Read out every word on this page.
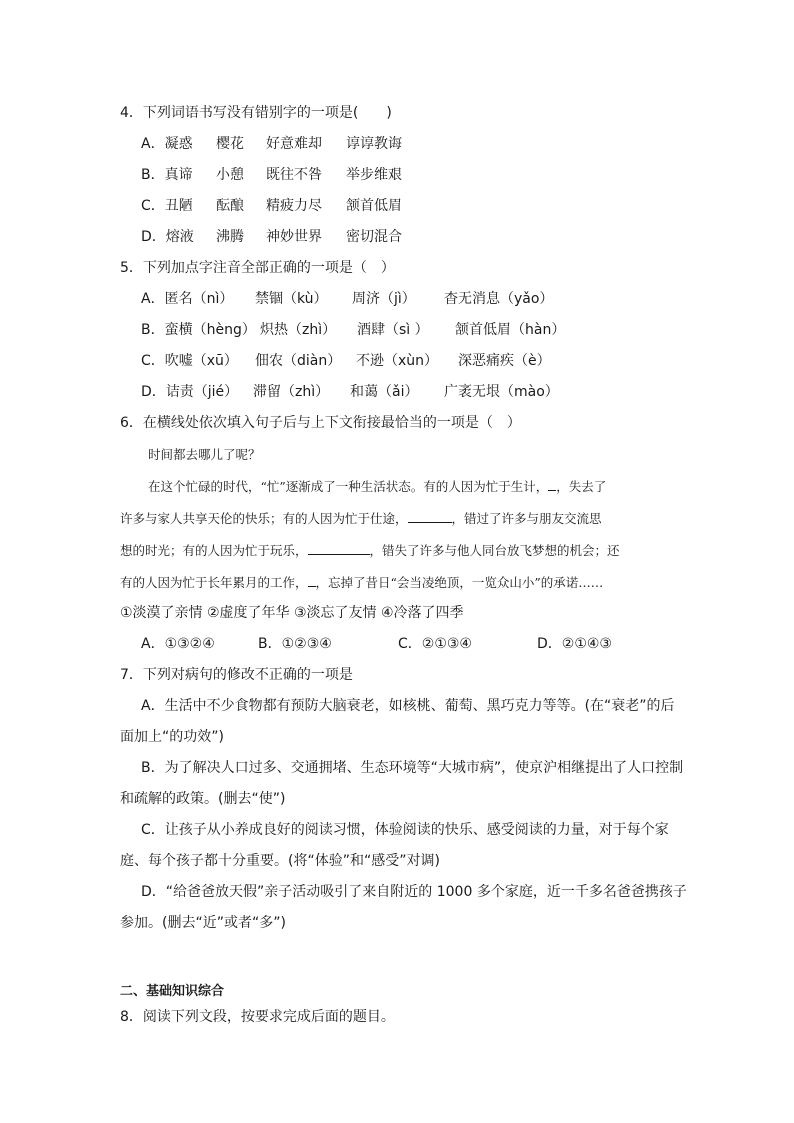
4．下列词语书写没有错别字的一项是(　　)
A．凝惑 樱花 好意难却 谆谆教诲
B．真谛 小憩 既往不咎 举步维艰
C．丑陋 酝酿 精疲力尽 颔首低眉
D．熔液 沸腾 神妙世界 密切混合
5．下列加点字注音全部正确的一项是（　）
A．匿名（nì） 禁锢（kù） 周济（jì） 杳无消息（yǎo）
B．蛮横（hèng） 炽热（zhì） 酒肆（sì ） 颔首低眉（hàn）
C．吹嘘（xū） 佃农（diàn） 不逊（xùn） 深恶痛疾（è）
D．诘责（jié） 滞留（zhì） 和蔼（ǎi） 广袤无垠（mào）
6．在横线处依次填入句子后与上下文衔接最恰当的一项是（　）
时间都去哪儿了呢？
在这个忙碌的时代，“忙”逐渐成了一种生活状态。有的人因为忙于生计， ，失去了
许多与家人共享天伦的快乐；有的人因为忙于仕途，	，错过了许多与朋友交流思
想的时光；有的人因为忙于玩乐，	，错失了许多与他人同台放飞梦想的机会；还
有的人因为忙于长年累月的工作， ，忘掉了昔日“会当凌绝顶，一览众山小”的承诺……
①淡漠了亲情 ②虚度了年华 ③淡忘了友情 ④冷落了四季
A．①③②④	B．①②③④	C．②①③④	D．②①④③
7．下列对病句的修改不正确的一项是
A．生活中不少食物都有预防大脑衰老，如核桃、葡萄、黑巧克力等等。(在“衰老”的后
面加上“的功效”)
B．为了解决人口过多、交通拥堵、生态环境等“大城市病”，使京沪相继提出了人口控制
和疏解的政策。(删去“使”)
C．让孩子从小养成良好的阅读习惯，体验阅读的快乐、感受阅读的力量，对于每个家
庭、每个孩子都十分重要。(将“体验”和“感受”对调)
D．“给爸爸放天假”亲子活动吸引了来自附近的 1000 多个家庭，近一千多名爸爸携孩子
参加。(删去“近”或者“多”)
二、基础知识综合
8．阅读下列文段，按要求完成后面的题目。
